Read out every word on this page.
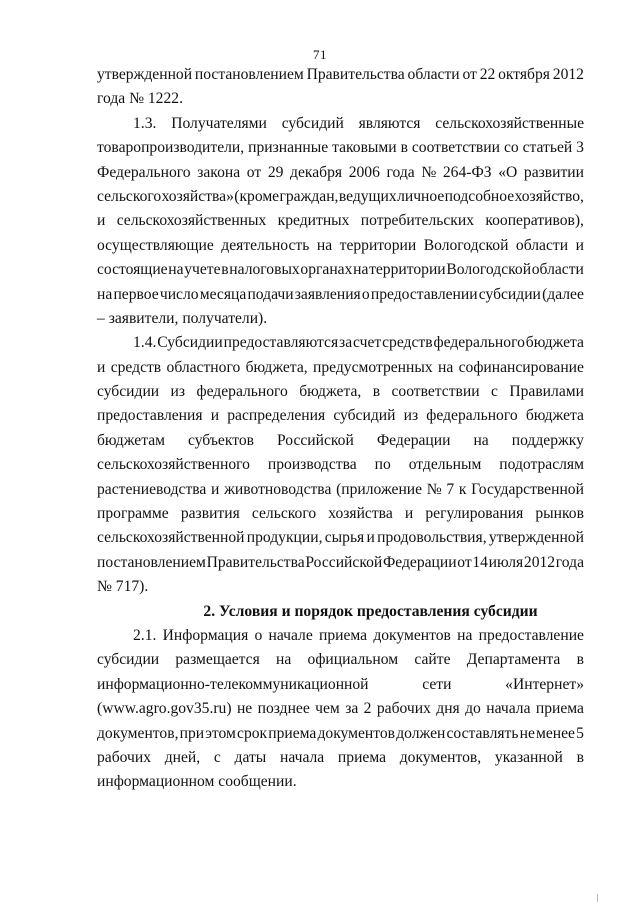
71
утвержденной постановлением Правительства области от 22 октября 2012
года № 1222.
1.3. Получателями субсидий являются сельскохозяйственные
товаропроизводители, признанные таковыми в соответствии со статьей 3
Федерального закона от 29 декабря 2006 года № 264-ФЗ «О развитии
сельского хозяйства» (кроме граждан, ведущих личное подсобное хозяйство,
и сельскохозяйственных кредитных потребительских кооперативов),
осуществляющие деятельность на территории Вологодской области и
состоящие на учете в налоговых органах на территории Вологодской области
на первое число месяца подачи заявления о предоставлении субсидии (далее
– заявители, получатели).
1.4. Субсидии предоставляются за счет средств федерального бюджета
и средств областного бюджета, предусмотренных на софинансирование
субсидии из федерального бюджета, в соответствии с Правилами
предоставления и распределения субсидий из федерального бюджета
бюджетам субъектов Российской Федерации на поддержку
сельскохозяйственного производства по отдельным подотраслям
растениеводства и животноводства (приложение № 7 к Государственной
программе развития сельского хозяйства и регулирования рынков
сельскохозяйственной продукции, сырья и продовольствия, утвержденной
постановлением Правительства Российской Федерации от 14 июля 2012 года
№ 717).
2. Условия и порядок предоставления субсидии
2.1. Информация о начале приема документов на предоставление
субсидии размещается на официальном сайте Департамента в
информационно-телекоммуникационной	сети	«Интернет»
(www.agro.gov35.ru) не позднее чем за 2 рабочих дня до начала приема
документов, при этом срок приема документов должен составлять не менее 5
рабочих дней, с даты начала приема документов, указанной в
информационном сообщении.
